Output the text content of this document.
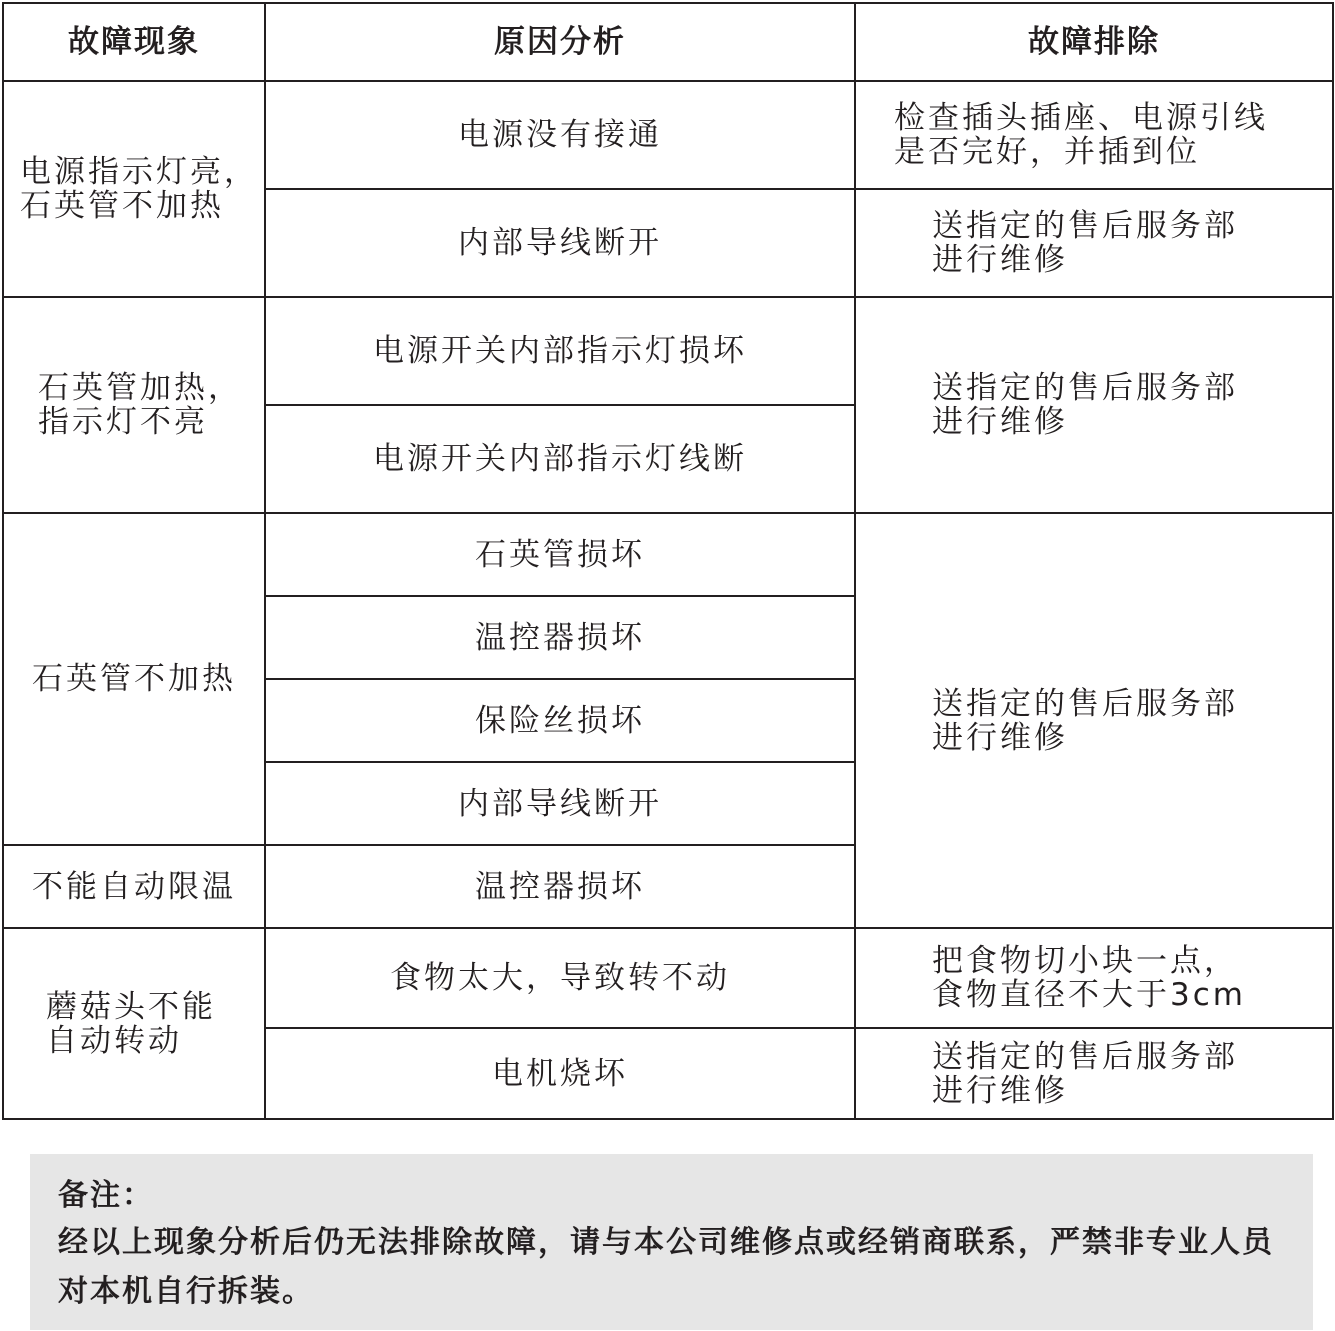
故障现象	原因分析	故障排除

电源指示灯亮，
石英管不加热	电源没有接通	检查插头插座、电源引线
是否完好，并插到位

	内部导线断开	送指定的售后服务部
进行维修

石英管加热，
指示灯不亮	电源开关内部指示灯损坏	送指定的售后服务部
进行维修

	电源开关内部指示灯线断	
石英管不加热	石英管损坏	送指定的售后服务部
进行维修

	温控器损坏	
	保险丝损坏	
	内部导线断开	
不能自动限温	温控器损坏	

蘑菇头不能
自动转动	食物太大，导致转不动	把食物切小块一点，
食物直径不大于3cm

	电机烧坏	送指定的售后服务部
进行维修
备注：
经以上现象分析后仍无法排除故障，请与本公司维修点或经销商联系，严禁非专业人员对本机自行拆装。
